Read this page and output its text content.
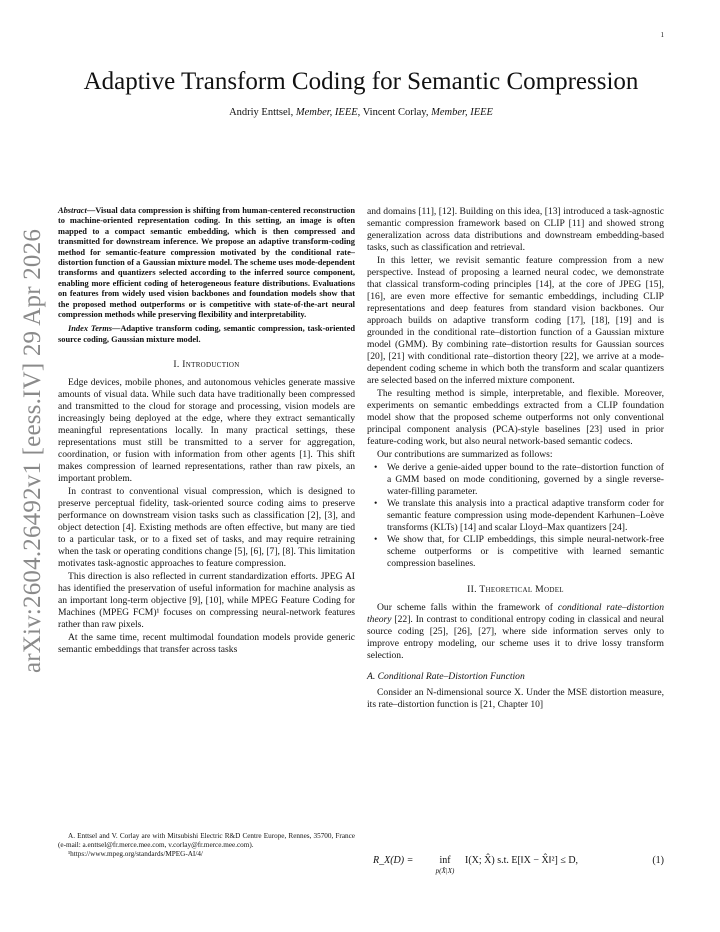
1
arXiv:2604.26492v1 [eess.IV] 29 Apr 2026
Adaptive Transform Coding for Semantic Compression
Andriy Enttsel, Member, IEEE, Vincent Corlay, Member, IEEE
Abstract—Visual data compression is shifting from human-centered reconstruction to machine-oriented representation coding. In this setting, an image is often mapped to a compact semantic embedding, which is then compressed and transmitted for downstream inference. We propose an adaptive transform-coding method for semantic-feature compression motivated by the conditional rate–distortion function of a Gaussian mixture model. The scheme uses mode-dependent transforms and quantizers selected according to the inferred source component, enabling more efficient coding of heterogeneous feature distributions. Evaluations on features from widely used vision backbones and foundation models show that the proposed method outperforms or is competitive with state-of-the-art neural compression methods while preserving flexibility and interpretability.
Index Terms—Adaptive transform coding, semantic compression, task-oriented source coding, Gaussian mixture model.
I. Introduction

Edge devices, mobile phones, and autonomous vehicles generate massive amounts of visual data. While such data have traditionally been compressed and transmitted to the cloud for storage and processing, vision models are increasingly being deployed at the edge, where they extract semantically meaningful representations locally. In many practical settings, these representations must still be transmitted to a server for aggregation, coordination, or fusion with information from other agents [1]. This shift makes compression of learned representations, rather than raw pixels, an important problem.

In contrast to conventional visual compression, which is designed to preserve perceptual fidelity, task-oriented source coding aims to preserve performance on downstream vision tasks such as classification [2], [3], and object detection [4]. Existing methods are often effective, but many are tied to a particular task, or to a fixed set of tasks, and may require retraining when the task or operating conditions change [5], [6], [7], [8]. This limitation motivates task-agnostic approaches to feature compression.

This direction is also reflected in current standardization efforts. JPEG AI has identified the preservation of useful information for machine analysis as an important long-term objective [9], [10], while MPEG Feature Coding for Machines (MPEG FCM)¹ focuses on compressing neural-network features rather than raw pixels.

At the same time, recent multimodal foundation models provide generic semantic embeddings that transfer across tasks

A. Enttsel and V. Corlay are with Mitsubishi Electric R&D Centre Europe, Rennes, 35700, France (e-mail: a.enttsel@fr.merce.mee.com, v.corlay@fr.merce.mee.com).

¹https://www.mpeg.org/standards/MPEG-AI/4/

and domains [11], [12]. Building on this idea, [13] introduced a task-agnostic semantic compression framework based on CLIP [11] and showed strong generalization across data distributions and downstream embedding-based tasks, such as classification and retrieval.

In this letter, we revisit semantic feature compression from a new perspective. Instead of proposing a learned neural codec, we demonstrate that classical transform-coding principles [14], at the core of JPEG [15], [16], are even more effective for semantic embeddings, including CLIP representations and deep features from standard vision backbones. Our approach builds on adaptive transform coding [17], [18], [19] and is grounded in the conditional rate–distortion function of a Gaussian mixture model (GMM). By combining rate–distortion results for Gaussian sources [20], [21] with conditional rate–distortion theory [22], we arrive at a mode-dependent coding scheme in which both the transform and scalar quantizers are selected based on the inferred mixture component.

The resulting method is simple, interpretable, and flexible. Moreover, experiments on semantic embeddings extracted from a CLIP foundation model show that the proposed scheme outperforms not only conventional principal component analysis (PCA)-style baselines [23] used in prior feature-coding work, but also neural network-based semantic codecs.

Our contributions are summarized as follows:

• We derive a genie-aided upper bound to the rate–distortion function of a GMM based on mode conditioning, governed by a single reverse-water-filling parameter.
• We translate this analysis into a practical adaptive transform coder for semantic feature compression using mode-dependent Karhunen–Loève transforms (KLTs) [14] and scalar Lloyd–Max quantizers [24].
• We show that, for CLIP embeddings, this simple neural-network-free scheme outperforms or is competitive with learned semantic compression baselines.
II. Theoretical Model

Our scheme falls within the framework of conditional rate–distortion theory [22]. In contrast to conditional entropy coding in classical and neural source coding [25], [26], [27], where side information serves only to improve entropy modeling, our scheme uses it to drive lossy transform selection.

A. Conditional Rate–Distortion Function

Consider an N-dimensional source X. Under the MSE distortion measure, its rate–distortion function is [21, Chapter 10]

R_X(D) =	inf
p(X̂|X)
I(X; X̂) s.t. E[‖X − X̂‖²] ≤ D,	(1)
